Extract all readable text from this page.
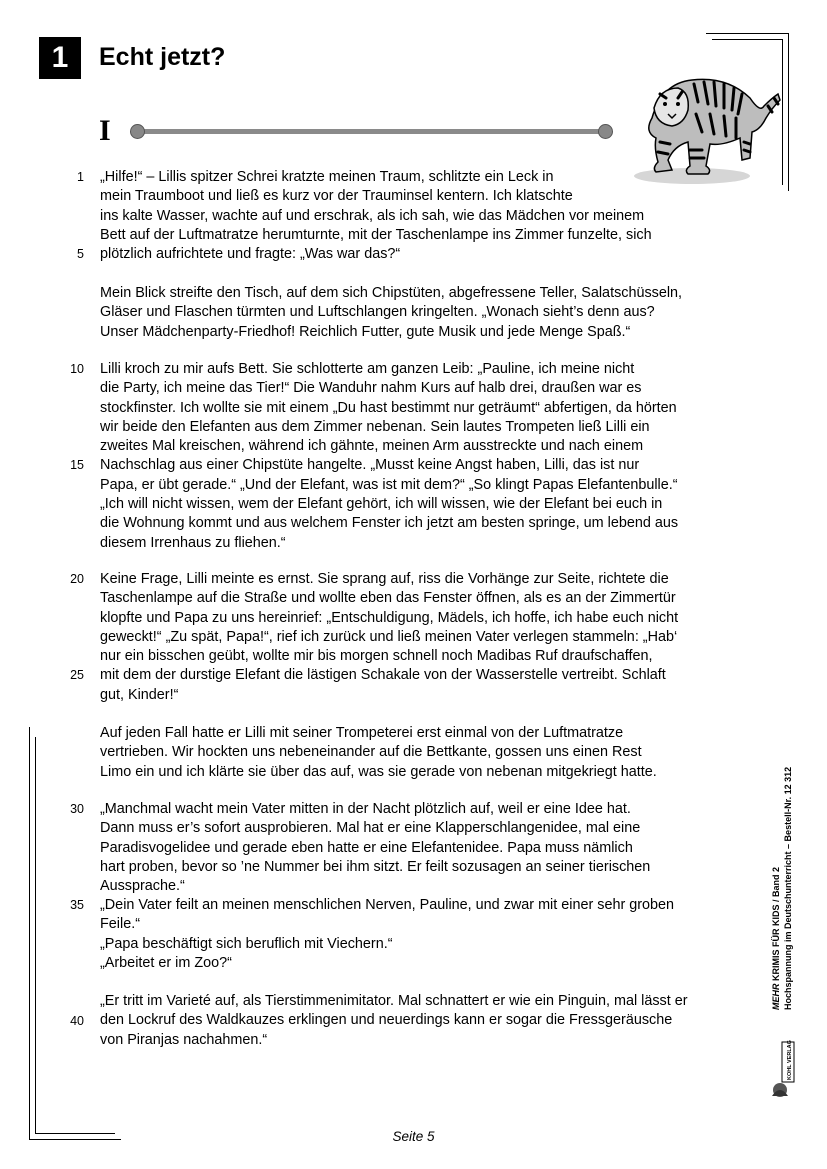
1 Echt jetzt?
I
1
5
10
15
20
25
30
35
40

„Hilfe!“ – Lillis spitzer Schrei kratzte meinen Traum, schlitzte ein Leck in
mein Traumboot und ließ es kurz vor der Trauminsel kentern. Ich klatschte
ins kalte Wasser, wachte auf und erschrak, als ich sah, wie das Mädchen vor meinem
Bett auf der Luftmatratze herumturnte, mit der Taschenlampe ins Zimmer funzelte, sich
plötzlich aufrichtete und fragte: „Was war das?“

Mein Blick streifte den Tisch, auf dem sich Chipstüten, abgefressene Teller, Salatschüsseln,
Gläser und Flaschen türmten und Luftschlangen kringelten. „Wonach sieht’s denn aus?
Unser Mädchenparty-Friedhof! Reichlich Futter, gute Musik und jede Menge Spaß.“

Lilli kroch zu mir aufs Bett. Sie schlotterte am ganzen Leib: „Pauline, ich meine nicht
die Party, ich meine das Tier!“ Die Wanduhr nahm Kurs auf halb drei, draußen war es
stockfinster. Ich wollte sie mit einem „Du hast bestimmt nur geträumt“ abfertigen, da hörten
wir beide den Elefanten aus dem Zimmer nebenan. Sein lautes Trompeten ließ Lilli ein
zweites Mal kreischen, während ich gähnte, meinen Arm ausstreckte und nach einem
Nachschlag aus einer Chipstüte hangelte. „Musst keine Angst haben, Lilli, das ist nur
Papa, er übt gerade.“ „Und der Elefant, was ist mit dem?“ „So klingt Papas Elefantenbulle.“
„Ich will nicht wissen, wem der Elefant gehört, ich will wissen, wie der Elefant bei euch in
die Wohnung kommt und aus welchem Fenster ich jetzt am besten springe, um lebend aus
diesem Irrenhaus zu fliehen.“

Keine Frage, Lilli meinte es ernst. Sie sprang auf, riss die Vorhänge zur Seite, richtete die
Taschenlampe auf die Straße und wollte eben das Fenster öffnen, als es an der Zimmertür
klopfte und Papa zu uns hereinrief: „Entschuldigung, Mädels, ich hoffe, ich habe euch nicht
geweckt!“ „Zu spät, Papa!“, rief ich zurück und ließ meinen Vater verlegen stammeln: „Hab‘
nur ein bisschen geübt, wollte mir bis morgen schnell noch Madibas Ruf draufschaffen,
mit dem der durstige Elefant die lästigen Schakale von der Wasserstelle vertreibt. Schlaft
gut, Kinder!“

Auf jeden Fall hatte er Lilli mit seiner Trompeterei erst einmal von der Luftmatratze
vertrieben. Wir hockten uns nebeneinander auf die Bettkante, gossen uns einen Rest
Limo ein und ich klärte sie über das auf, was sie gerade von nebenan mitgekriegt hatte.

„Manchmal wacht mein Vater mitten in der Nacht plötzlich auf, weil er eine Idee hat.
Dann muss er’s sofort ausprobieren. Mal hat er eine Klapperschlangenidee, mal eine
Paradisvogelidee und gerade eben hatte er eine Elefantenidee. Papa muss nämlich
hart proben, bevor so ’ne Nummer bei ihm sitzt. Er feilt sozusagen an seiner tierischen
Aussprache.“

„Dein Vater feilt an meinen menschlichen Nerven, Pauline, und zwar mit einer sehr groben
Feile.“
„Papa beschäftigt sich beruflich mit Viechern.“
„Arbeitet er im Zoo?“

„Er tritt im Varieté auf, als Tierstimmenimitator. Mal schnattert er wie ein Pinguin, mal lässt er
den Lockruf des Waldkauzes erklingen und neuerdings kann er sogar die Fressgeräusche
von Piranjas nachahmen.“

MEHR KRIMIS FÜR KIDS / Band 2 Hochspannung im Deutschunterricht – Bestell-Nr. 12 312
KOHL VERLAG
Seite 5
